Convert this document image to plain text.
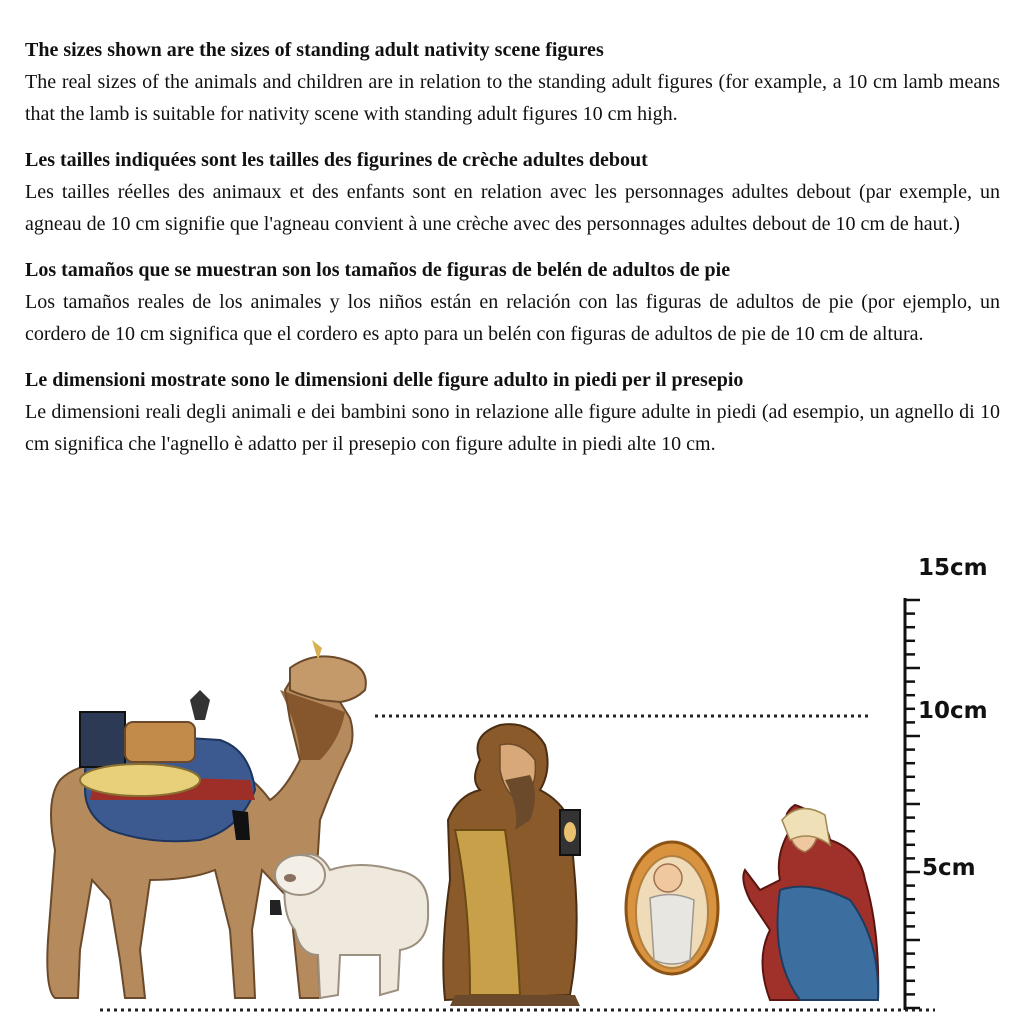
The sizes shown are the sizes of standing adult nativity scene figures

The real sizes of the animals and children are in relation to the standing adult figures (for example, a 10 cm lamb means that the lamb is suitable for nativity scene with standing adult figures 10 cm high.

Les tailles indiquées sont les tailles des figurines de crèche adultes debout

Les tailles réelles des animaux et des enfants sont en relation avec les personnages adultes debout (par exemple, un agneau de 10 cm signifie que l'agneau convient à une crèche avec des personnages adultes debout de 10 cm de haut.)

Los tamaños que se muestran son los tamaños de figuras de belén de adultos de pie

Los tamaños reales de los animales y los niños están en relación con las figuras de adultos de pie (por ejemplo, un cordero de 10 cm significa que el cordero es apto para un belén con figuras de adultos de pie de 10 cm de altura.

Le dimensioni mostrate sono le dimensioni delle figure adulto in piedi per il presepio

Le dimensioni reali degli animali e dei bambini sono in relazione alle figure adulte in piedi (ad esempio, un agnello di 10 cm significa che l'agnello è adatto per il presepio con figure adulte in piedi alte 10 cm.

15cm
10cm
5cm
